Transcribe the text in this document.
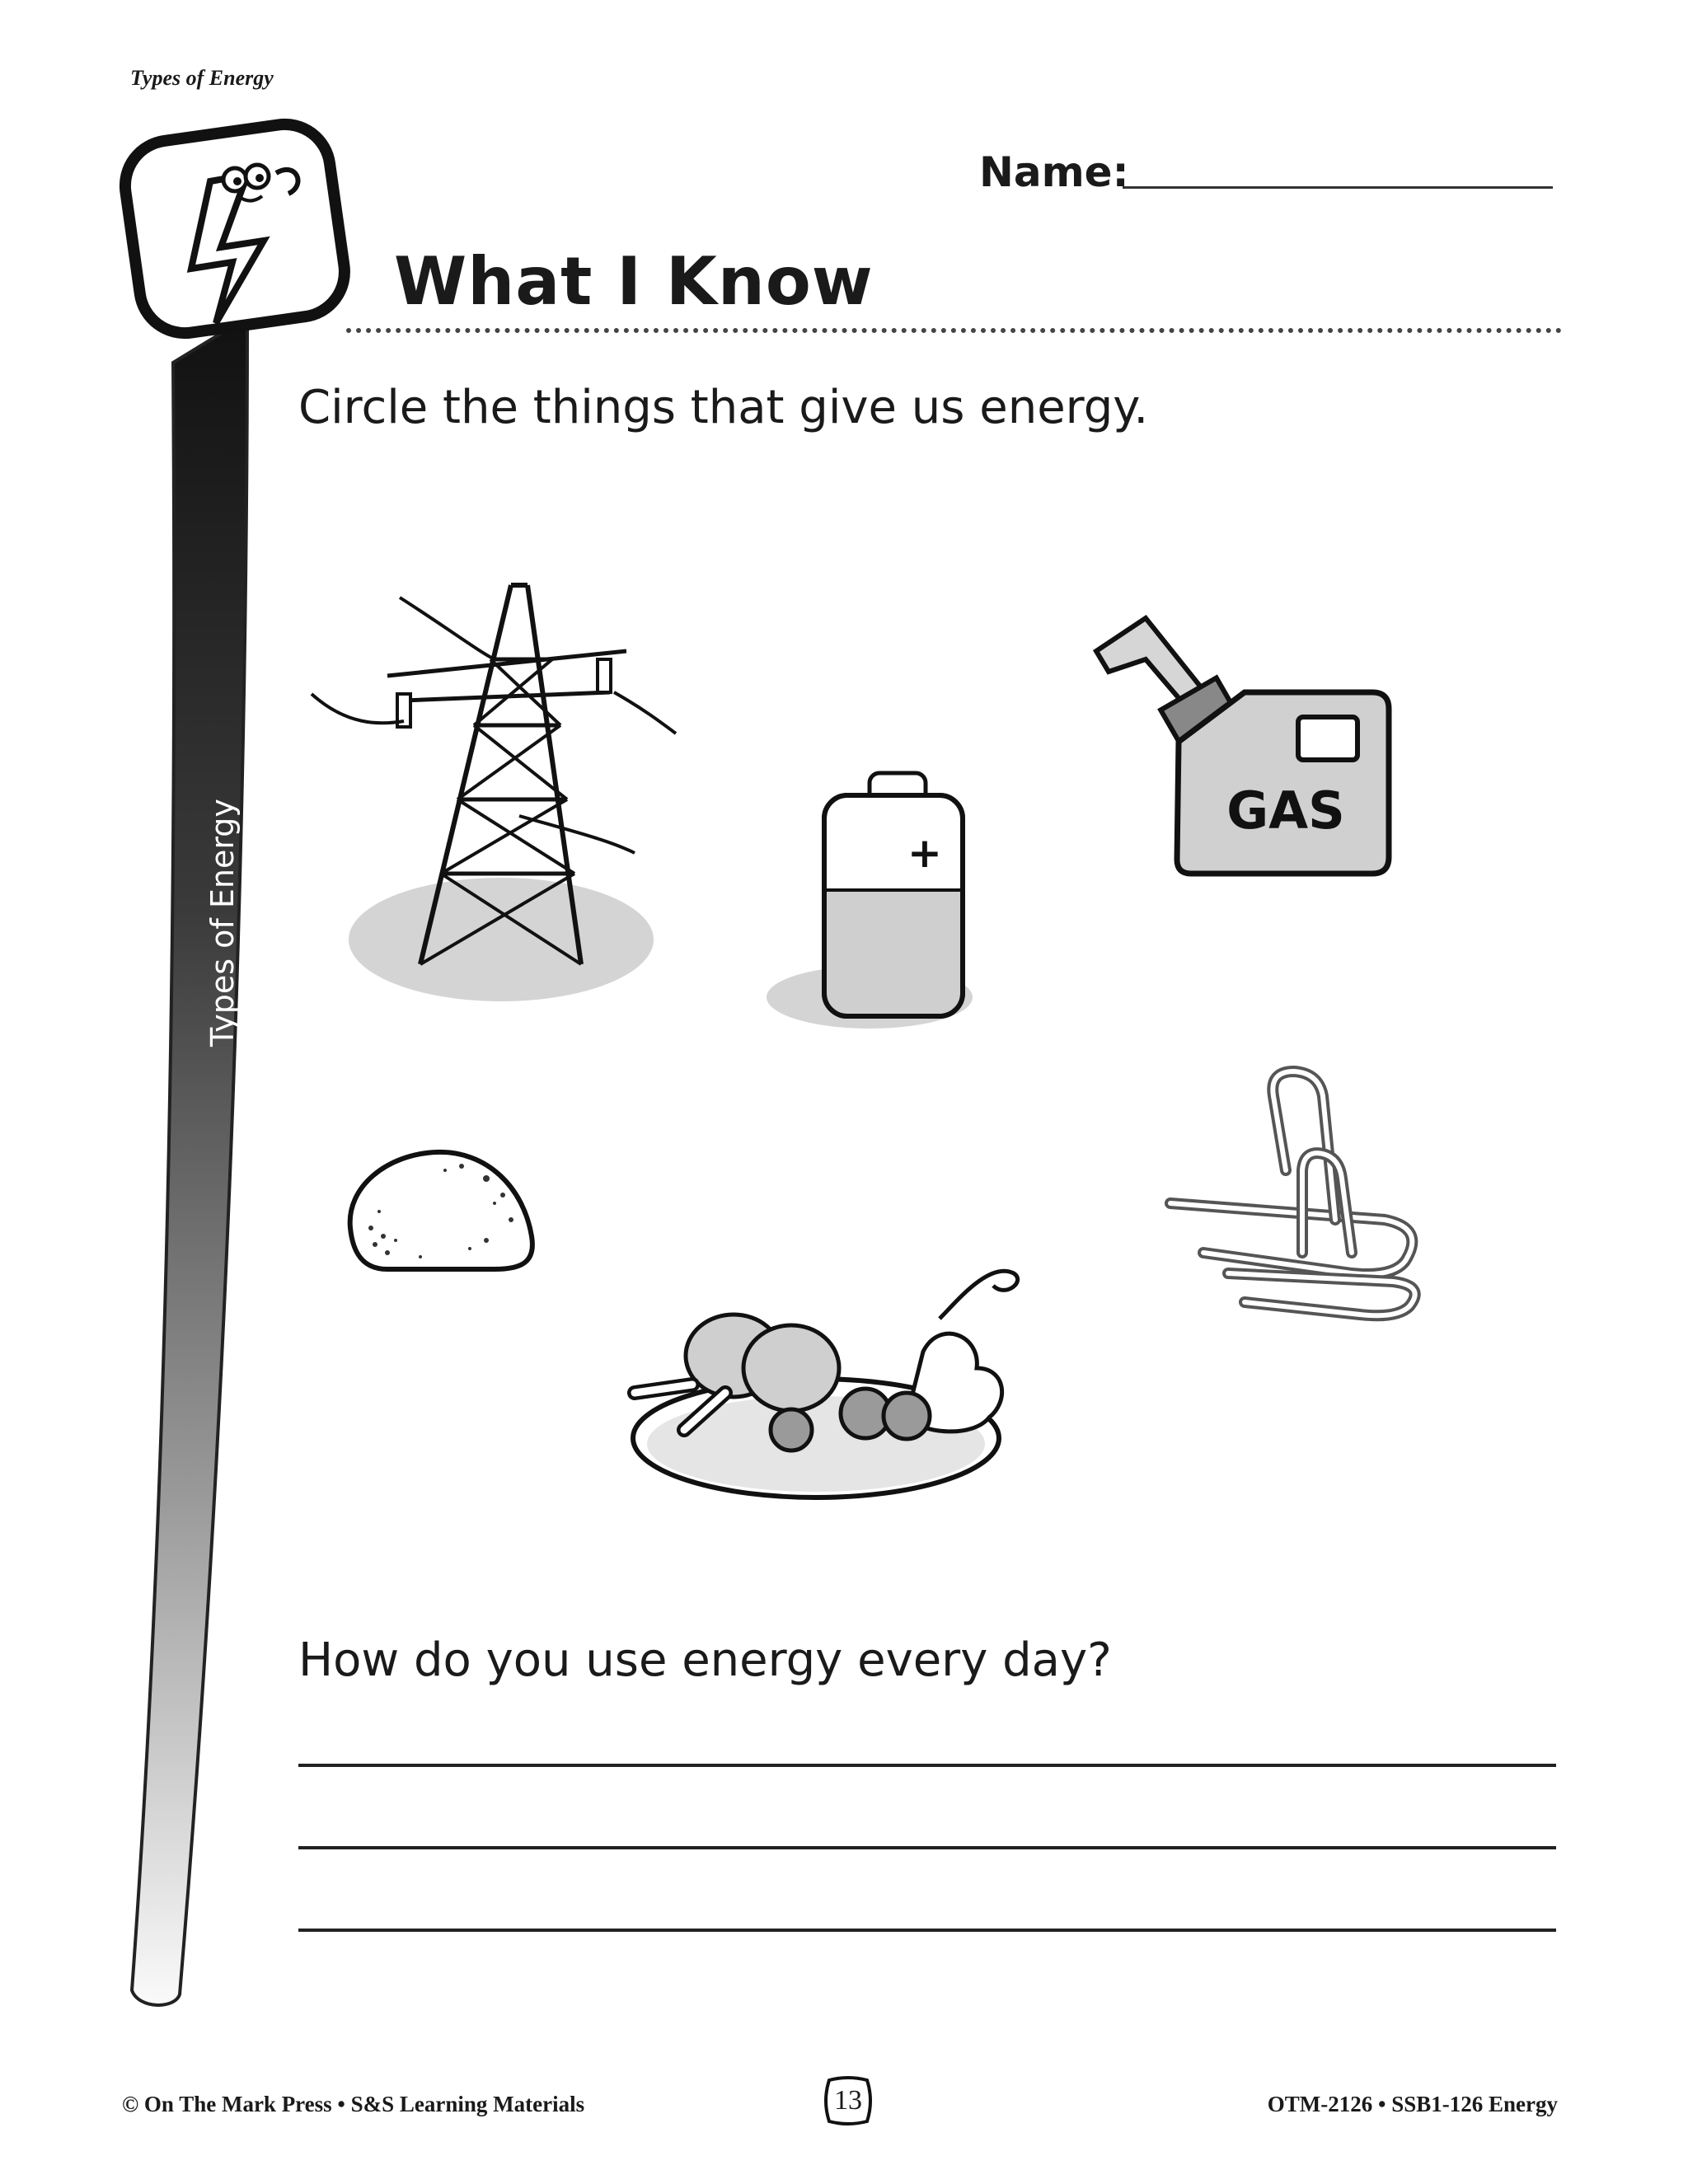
Types of Energy
Types of Energy
Name:
What I Know
Circle the things that give us energy.
+
GAS
How do you use energy every day?
© On The Mark Press • S&S Learning Materials	13	OTM-2126 • SSB1-126 Energy
